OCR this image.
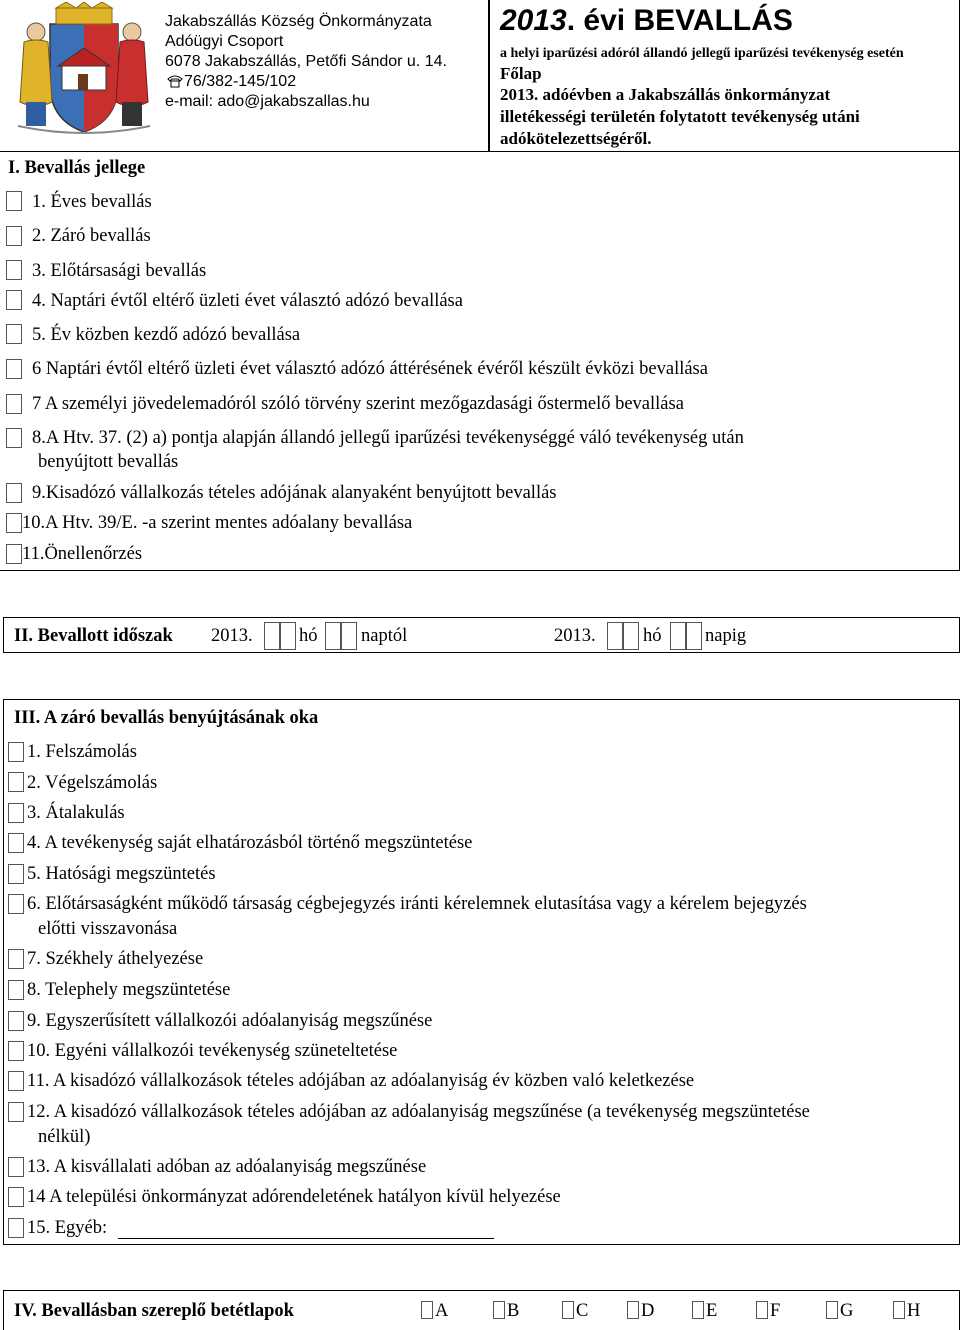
Jakabszállás Község Önkormányzata
Adóügyi Csoport
6078 Jakabszállás, Petőfi Sándor u. 14.
76/382-145/102
e-mail: ado@jakabszallas.hu
2013. évi BEVALLÁS
a helyi iparűzési adóról állandó jellegű iparűzési tevékenység esetén
Főlap
2013. adóévben a Jakabszállás önkormányzat
illetékességi területén folytatott tevékenység utáni
adókötelezettségéről.
I. Bevallás jellege
1. Éves bevallás
2. Záró bevallás
3. Előtársasági bevallás
4. Naptári évtől eltérő üzleti évet választó adózó bevallása
5. Év közben kezdő adózó bevallása
6 Naptári évtől eltérő üzleti évet választó adózó áttérésének évéről készült évközi bevallása
7 A személyi jövedelemadóról szóló törvény szerint mezőgazdasági őstermelő bevallása
8.A Htv. 37. (2) a) pontja alapján állandó jellegű iparűzési tevékenységgé váló tevékenység után
benyújtott bevallás
9.Kisadózó vállalkozás tételes adójának alanyaként benyújtott bevallás
10.A Htv. 39/E. -a szerint mentes adóalany bevallása
11.Önellenőrzés
II. Bevallott időszak 2013.	hó naptól	2013.	hó napig
III. A záró bevallás benyújtásának oka
1. Felszámolás
2. Végelszámolás
3. Átalakulás
4. A tevékenység saját elhatározásból történő megszüntetése
5. Hatósági megszüntetés
6. Előtársaságként működő társaság cégbejegyzés iránti kérelemnek elutasítása vagy a kérelem bejegyzés
előtti visszavonása
7. Székhely áthelyezése
8. Telephely megszüntetése
9. Egyszerűsített vállalkozói adóalanyiság megszűnése
10. Egyéni vállalkozói tevékenység szüneteltetése
11. A kisadózó vállalkozások tételes adójában az adóalanyiság év közben való keletkezése
12. A kisadózó vállalkozások tételes adójában az adóalanyiság megszűnése (a tevékenység megszüntetése
nélkül)
13. A kisvállalati adóban az adóalanyiság megszűnése
14 A települési önkormányzat adórendeletének hatályon kívül helyezése
15. Egyéb:
IV. Bevallásban szereplő betétlapok	A	B	C	D	E	F	G	H
